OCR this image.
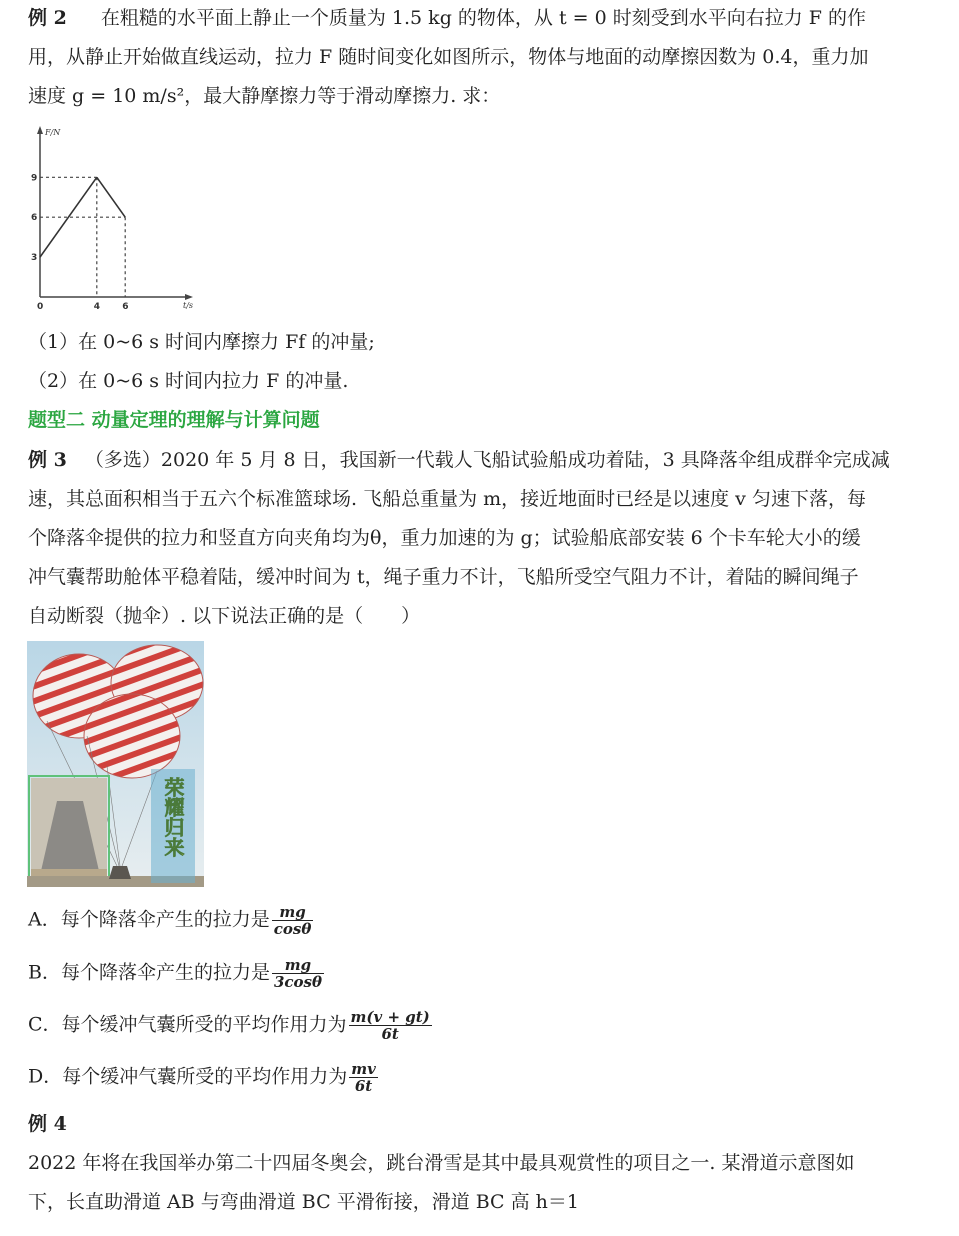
例 2 在粗糙的水平面上静止一个质量为 1.5 kg 的物体，从 t = 0 时刻受到水平向右拉力 F 的作
用，从静止开始做直线运动，拉力 F 随时间变化如图所示，物体与地面的动摩擦因数为 0.4，重力加
速度 g = 10 m/s²，最大静摩擦力等于滑动摩擦力. 求：
F/N
t/s
0
3
6
9
4 6
（1）在 0~6 s 时间内摩擦力 Ff 的冲量;
（2）在 0~6 s 时间内拉力 F 的冲量.
题型二 动量定理的理解与计算问题
例 3 （多选）2020 年 5 月 8 日，我国新一代载人飞船试验船成功着陆，3 具降落伞组成群伞完成减
速，其总面积相当于五六个标准篮球场. 飞船总重量为 m，接近地面时已经是以速度 v 匀速下落，每
个降落伞提供的拉力和竖直方向夹角均为θ，重力加速的为 g；试验船底部安装 6 个卡车轮大小的缓
冲气囊帮助舱体平稳着陆，缓冲时间为 t，绳子重力不计，飞船所受空气阻力不计，着陆的瞬间绳子
自动断裂（抛伞）. 以下说法正确的是（　　）
荣耀归来
A．每个降落伞产生的拉力是 $\frac{mg}{\cos\theta}$
B．每个降落伞产生的拉力是 $\frac{mg}{3\cos\theta}$
C．每个缓冲气囊所受的平均作用力为 $\frac{m(v + gt)}{6t}$
D．每个缓冲气囊所受的平均作用力为 $\frac{mv}{6t}$
例 4
2022 年将在我国举办第二十四届冬奥会，跳台滑雪是其中最具观赏性的项目之一. 某滑道示意图如
下，长直助滑道 AB 与弯曲滑道 BC 平滑衔接，滑道 BC 高 h＝1
